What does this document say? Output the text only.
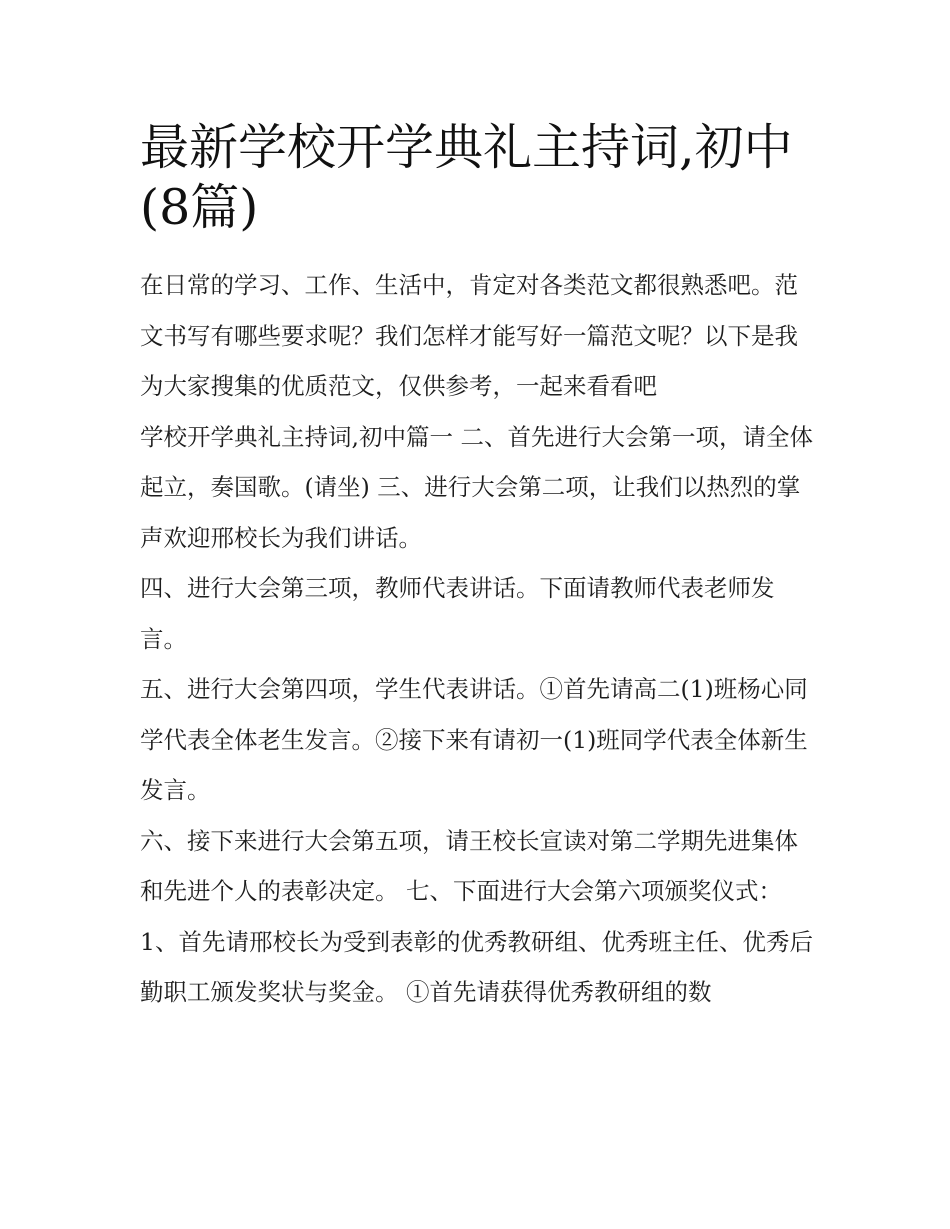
最新学校开学典礼主持词,初中(8篇)

在日常的学习、工作、生活中，肯定对各类范文都很熟悉吧。范文书写有哪些要求呢？我们怎样才能写好一篇范文呢？以下是我为大家搜集的优质范文，仅供参考，一起来看看吧

学校开学典礼主持词,初中篇一 二、首先进行大会第一项，请全体起立，奏国歌。(请坐) 三、进行大会第二项，让我们以热烈的掌声欢迎邢校长为我们讲话。

四、进行大会第三项，教师代表讲话。下面请教师代表老师发言。

五、进行大会第四项，学生代表讲话。①首先请高二(1)班杨心同学代表全体老生发言。②接下来有请初一(1)班同学代表全体新生发言。

六、接下来进行大会第五项，请王校长宣读对第二学期先进集体和先进个人的表彰决定。 七、下面进行大会第六项颁奖仪式：

1、首先请邢校长为受到表彰的优秀教研组、优秀班主任、优秀后勤职工颁发奖状与奖金。 ①首先请获得优秀教研组的数
